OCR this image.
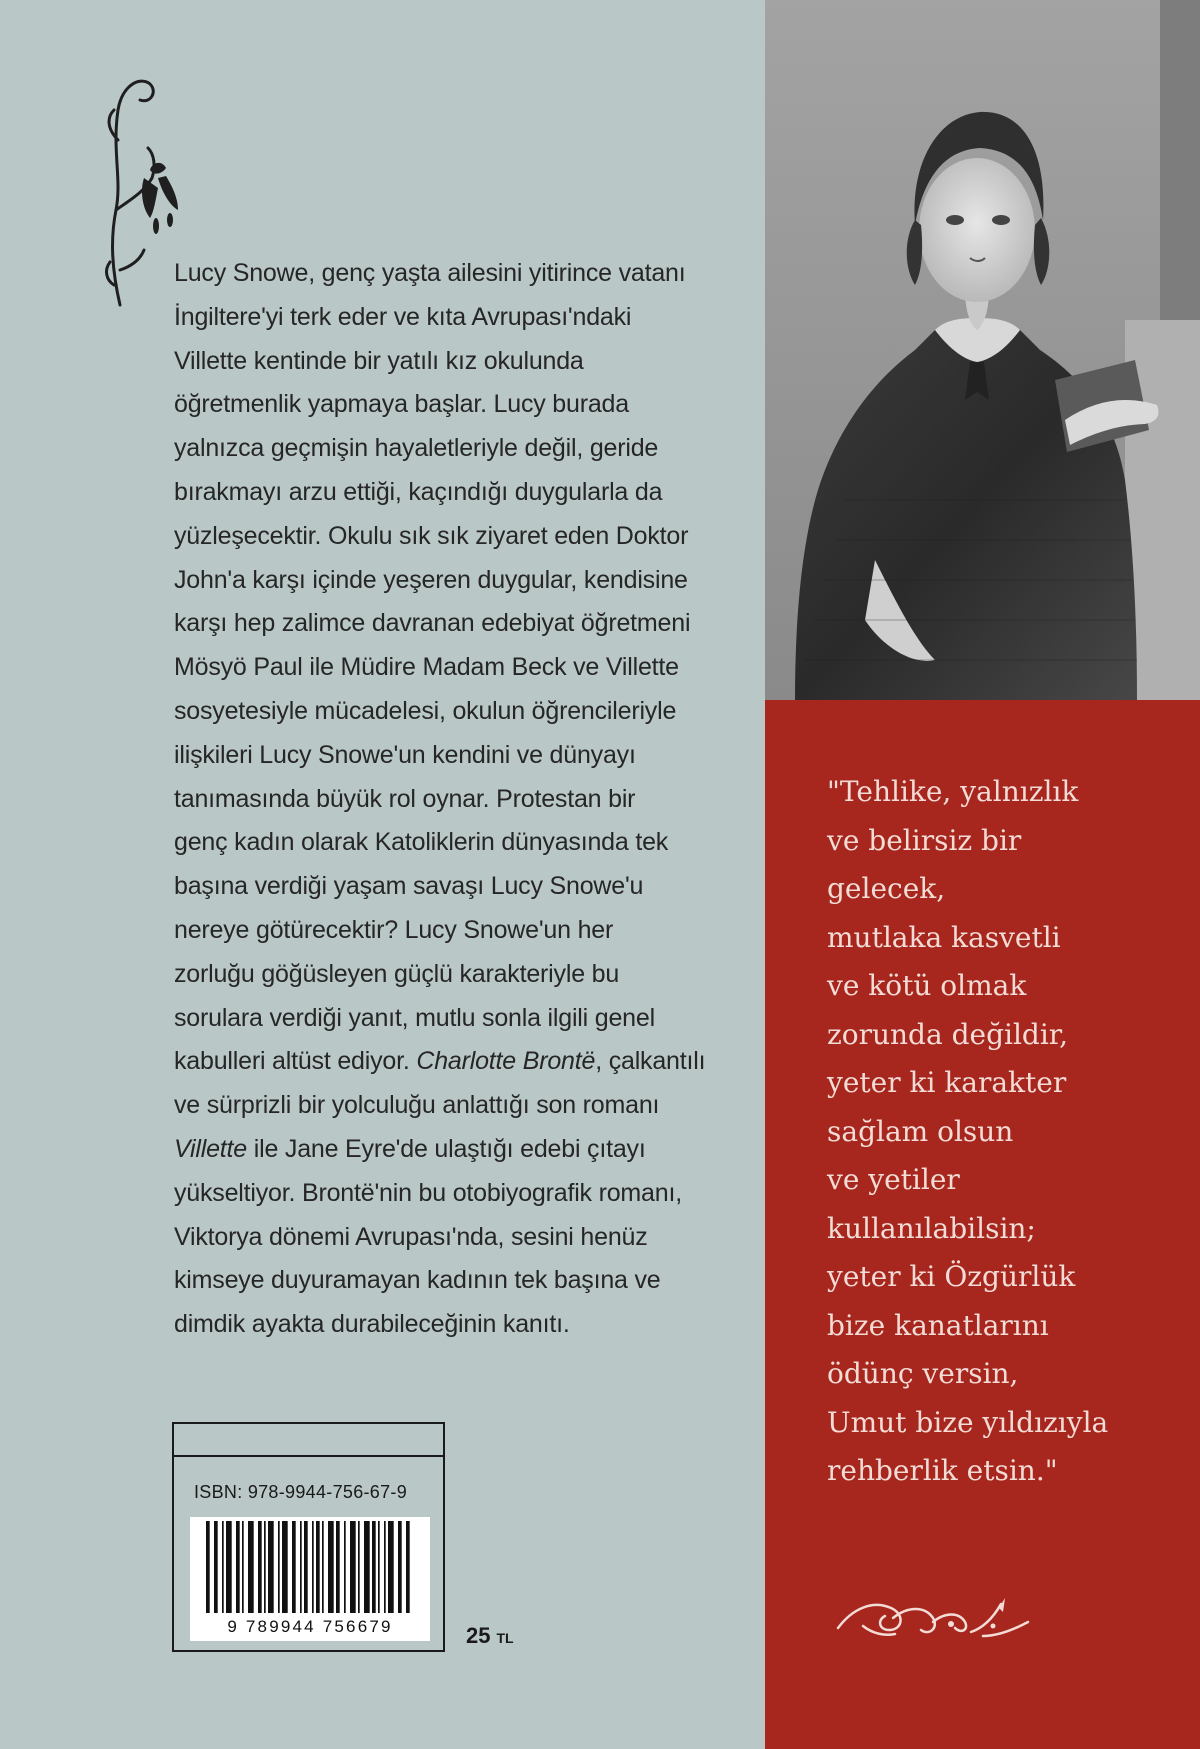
Lucy Snowe, genç yaşta ailesini yitirince vatanı
İngiltere'yi terk eder ve kıta Avrupası'ndaki
Villette kentinde bir yatılı kız okulunda
öğretmenlik yapmaya başlar. Lucy burada
yalnızca geçmişin hayaletleriyle değil, geride
bırakmayı arzu ettiği, kaçındığı duygularla da
yüzleşecektir. Okulu sık sık ziyaret eden Doktor
John'a karşı içinde yeşeren duygular, kendisine
karşı hep zalimce davranan edebiyat öğretmeni
Mösyö Paul ile Müdire Madam Beck ve Villette
sosyetesiyle mücadelesi, okulun öğrencileriyle
ilişkileri Lucy Snowe'un kendini ve dünyayı
tanımasında büyük rol oynar. Protestan bir
genç kadın olarak Katoliklerin dünyasında tek
başına verdiği yaşam savaşı Lucy Snowe'u
nereye götürecektir? Lucy Snowe'un her
zorluğu göğüsleyen güçlü karakteriyle bu
sorulara verdiği yanıt, mutlu sonla ilgili genel
kabulleri altüst ediyor. Charlotte Brontë, çalkantılı
ve sürprizli bir yolculuğu anlattığı son romanı
Villette ile Jane Eyre'de ulaştığı edebi çıtayı
yükseltiyor. Brontë'nin bu otobiyografik romanı,
Viktorya dönemi Avrupası'nda, sesini henüz
kimseye duyuramayan kadının tek başına ve
dimdik ayakta durabileceğinin kanıtı.
ISBN: 978-9944-756-67-9
9 789944 756679	25 TL
"Tehlike, yalnızlık
ve belirsiz bir
gelecek,
mutlaka kasvetli
ve kötü olmak
zorunda değildir,
yeter ki karakter
sağlam olsun
ve yetiler
kullanılabilsin;
yeter ki Özgürlük
bize kanatlarını
ödünç versin,
Umut bize yıldızıyla
rehberlik etsin."
